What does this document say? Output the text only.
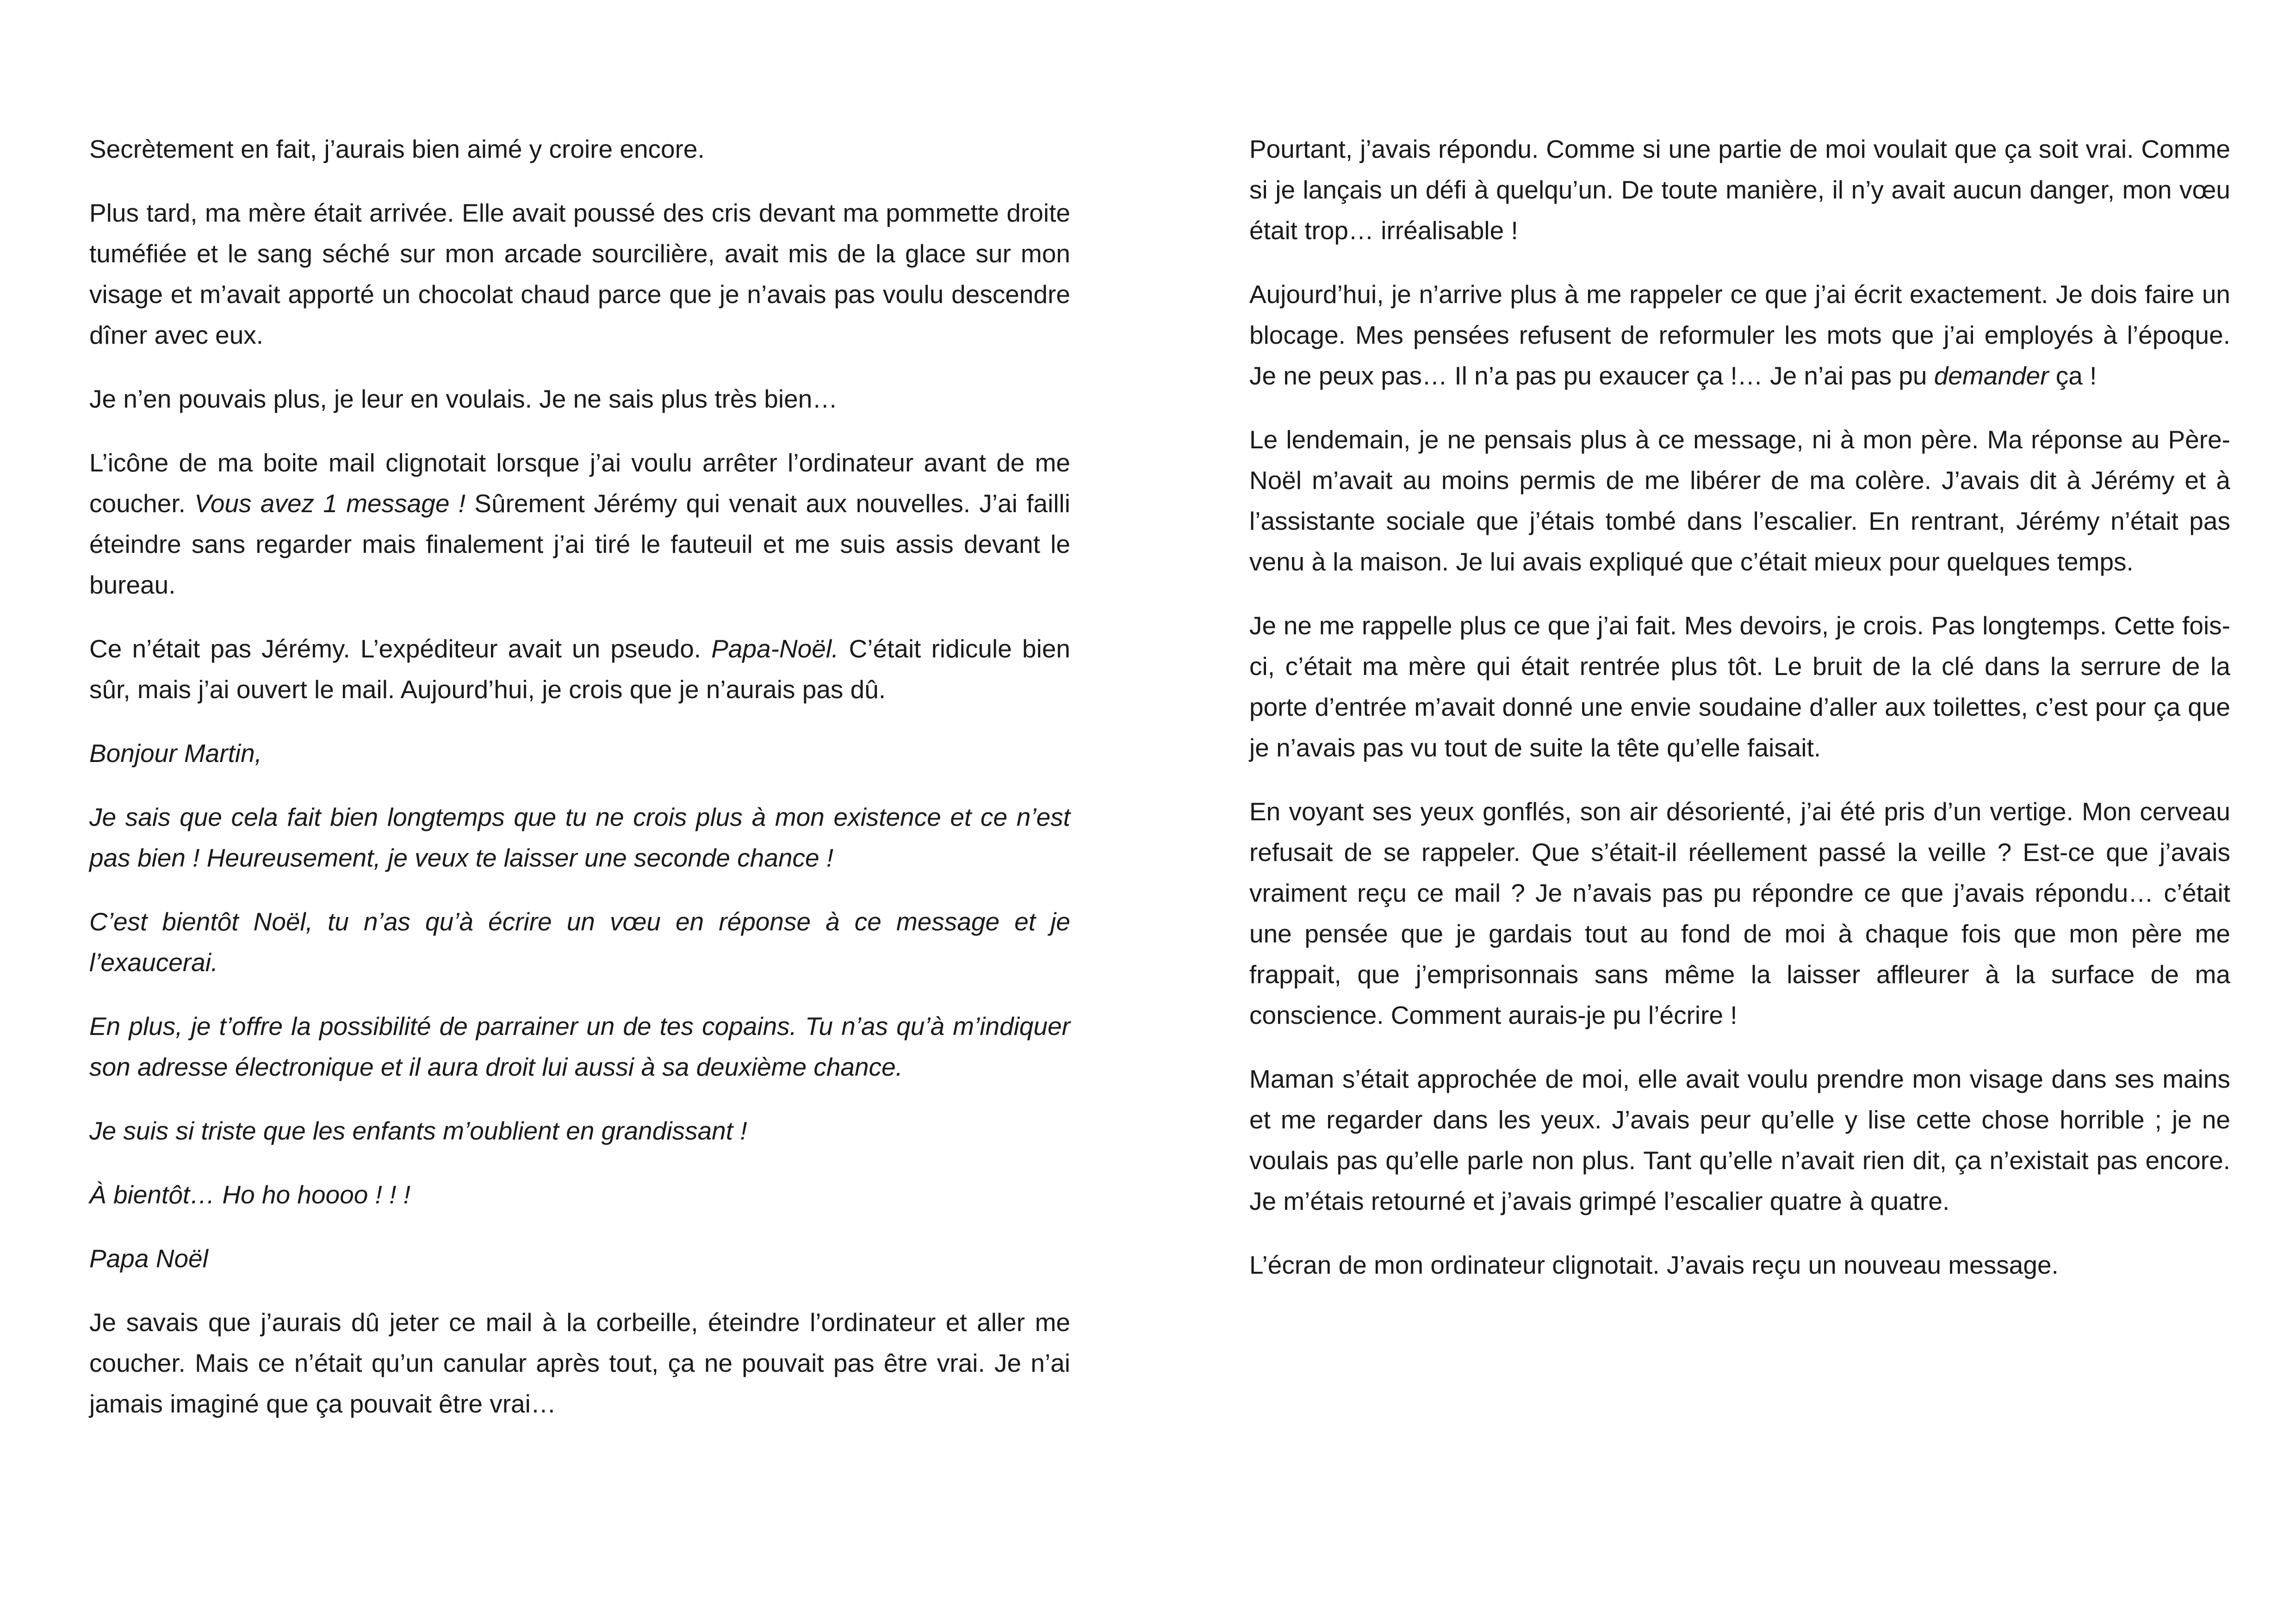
Secrètement en fait, j’aurais bien aimé y croire encore.

Plus tard, ma mère était arrivée. Elle avait poussé des cris devant ma pommette droite tuméfiée et le sang séché sur mon arcade sourcilière, avait mis de la glace sur mon visage et m’avait apporté un chocolat chaud parce que je n’avais pas voulu descendre dîner avec eux.

Je n’en pouvais plus, je leur en voulais. Je ne sais plus très bien…

L’icône de ma boite mail clignotait lorsque j’ai voulu arrêter l’ordinateur avant de me coucher. Vous avez 1 message ! Sûrement Jérémy qui venait aux nouvelles. J’ai failli éteindre sans regarder mais finalement j’ai tiré le fauteuil et me suis assis devant le bureau.

Ce n’était pas Jérémy. L’expéditeur avait un pseudo. Papa-Noël. C’était ridicule bien sûr, mais j’ai ouvert le mail. Aujourd’hui, je crois que je n’aurais pas dû.

Bonjour Martin,

Je sais que cela fait bien longtemps que tu ne crois plus à mon existence et ce n’est pas bien ! Heureusement, je veux te laisser une seconde chance !

C’est bientôt Noël, tu n’as qu’à écrire un vœu en réponse à ce message et je l’exaucerai.

En plus, je t’offre la possibilité de parrainer un de tes copains. Tu n’as qu’à m’indiquer son adresse électronique et il aura droit lui aussi à sa deuxième chance.

Je suis si triste que les enfants m’oublient en grandissant !

À bientôt… Ho ho hoooo ! ! !

Papa Noël

Je savais que j’aurais dû jeter ce mail à la corbeille, éteindre l’ordinateur et aller me coucher. Mais ce n’était qu’un canular après tout, ça ne pouvait pas être vrai. Je n’ai jamais imaginé que ça pouvait être vrai…

Pourtant, j’avais répondu. Comme si une partie de moi voulait que ça soit vrai. Comme si je lançais un défi à quelqu’un. De toute manière, il n’y avait aucun danger, mon vœu était trop… irréalisable !

Aujourd’hui, je n’arrive plus à me rappeler ce que j’ai écrit exactement. Je dois faire un blocage. Mes pensées refusent de reformuler les mots que j’ai employés à l’époque. Je ne peux pas… Il n’a pas pu exaucer ça !… Je n’ai pas pu demander ça !

Le lendemain, je ne pensais plus à ce message, ni à mon père. Ma réponse au Père-Noël m’avait au moins permis de me libérer de ma colère. J’avais dit à Jérémy et à l’assistante sociale que j’étais tombé dans l’escalier. En rentrant, Jérémy n’était pas venu à la maison. Je lui avais expliqué que c’était mieux pour quelques temps.

Je ne me rappelle plus ce que j’ai fait. Mes devoirs, je crois. Pas longtemps. Cette fois-ci, c’était ma mère qui était rentrée plus tôt. Le bruit de la clé dans la serrure de la porte d’entrée m’avait donné une envie soudaine d’aller aux toilettes, c’est pour ça que je n’avais pas vu tout de suite la tête qu’elle faisait.

En voyant ses yeux gonflés, son air désorienté, j’ai été pris d’un vertige. Mon cerveau refusait de se rappeler. Que s’était-il réellement passé la veille ? Est-ce que j’avais vraiment reçu ce mail ? Je n’avais pas pu répondre ce que j’avais répondu… c’était une pensée que je gardais tout au fond de moi à chaque fois que mon père me frappait, que j’emprisonnais sans même la laisser affleurer à la surface de ma conscience. Comment aurais-je pu l’écrire !

Maman s’était approchée de moi, elle avait voulu prendre mon visage dans ses mains et me regarder dans les yeux. J’avais peur qu’elle y lise cette chose horrible ; je ne voulais pas qu’elle parle non plus. Tant qu’elle n’avait rien dit, ça n’existait pas encore. Je m’étais retourné et j’avais grimpé l’escalier quatre à quatre.

L’écran de mon ordinateur clignotait. J’avais reçu un nouveau message.
